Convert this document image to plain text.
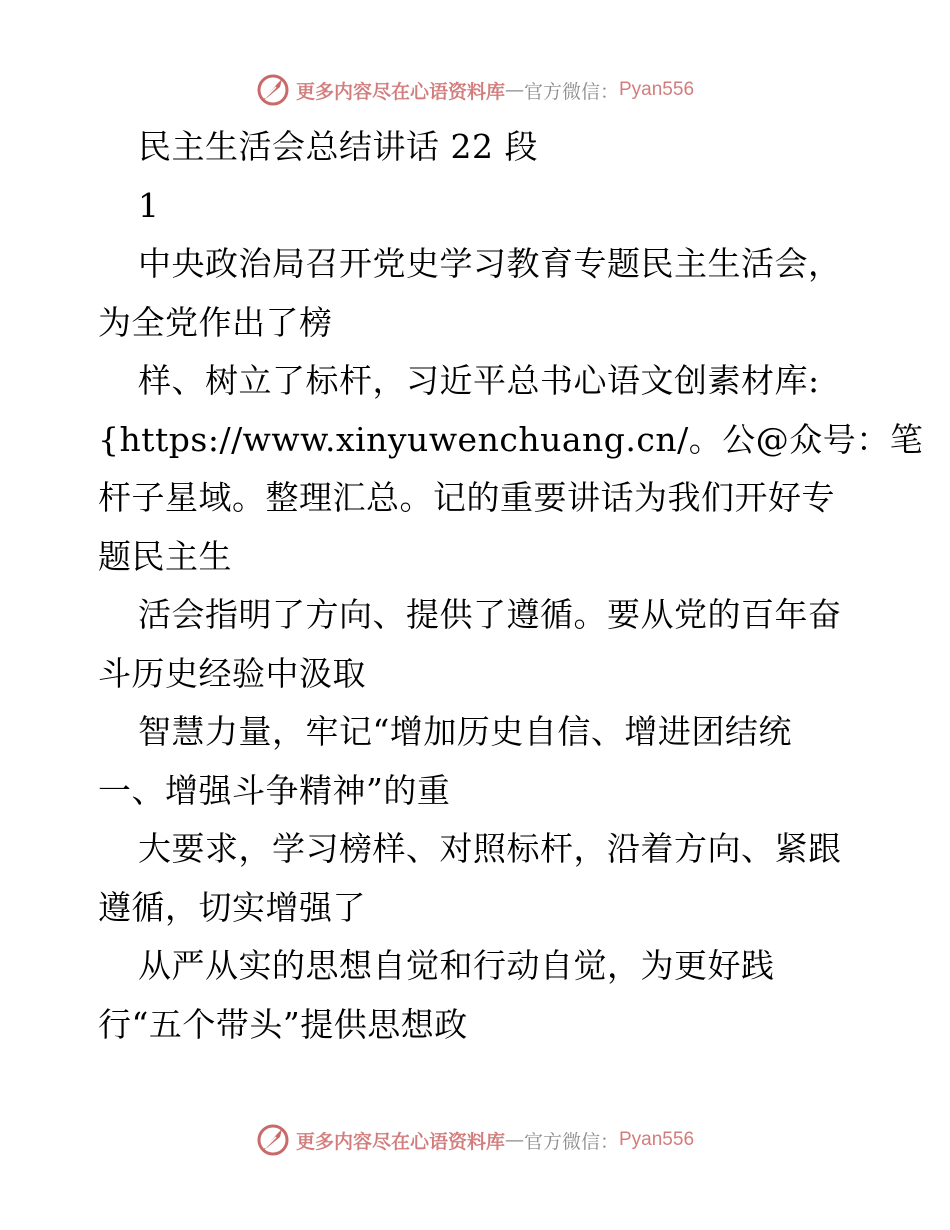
更多内容尽在心语资料库 — 官方微信： Pyan556
民主生活会总结讲话 22 段
1
中央政治局召开党史学习教育专题民主生活会，
为全党作出了榜
样、树立了标杆，习近平总书心语文创素材库:
{https://www.xinyuwenchuang.cn/。公@众号：笔
杆子星域。整理汇总。记的重要讲话为我们开好专
题民主生
活会指明了方向、提供了遵循。要从党的百年奋
斗历史经验中汲取
智慧力量，牢记“增加历史自信、增进团结统
一、增强斗争精神”的重
大要求，学习榜样、对照标杆，沿着方向、紧跟
遵循，切实增强了
从严从实的思想自觉和行动自觉，为更好践
行“五个带头”提供思想政
更多内容尽在心语资料库 — 官方微信： Pyan556
